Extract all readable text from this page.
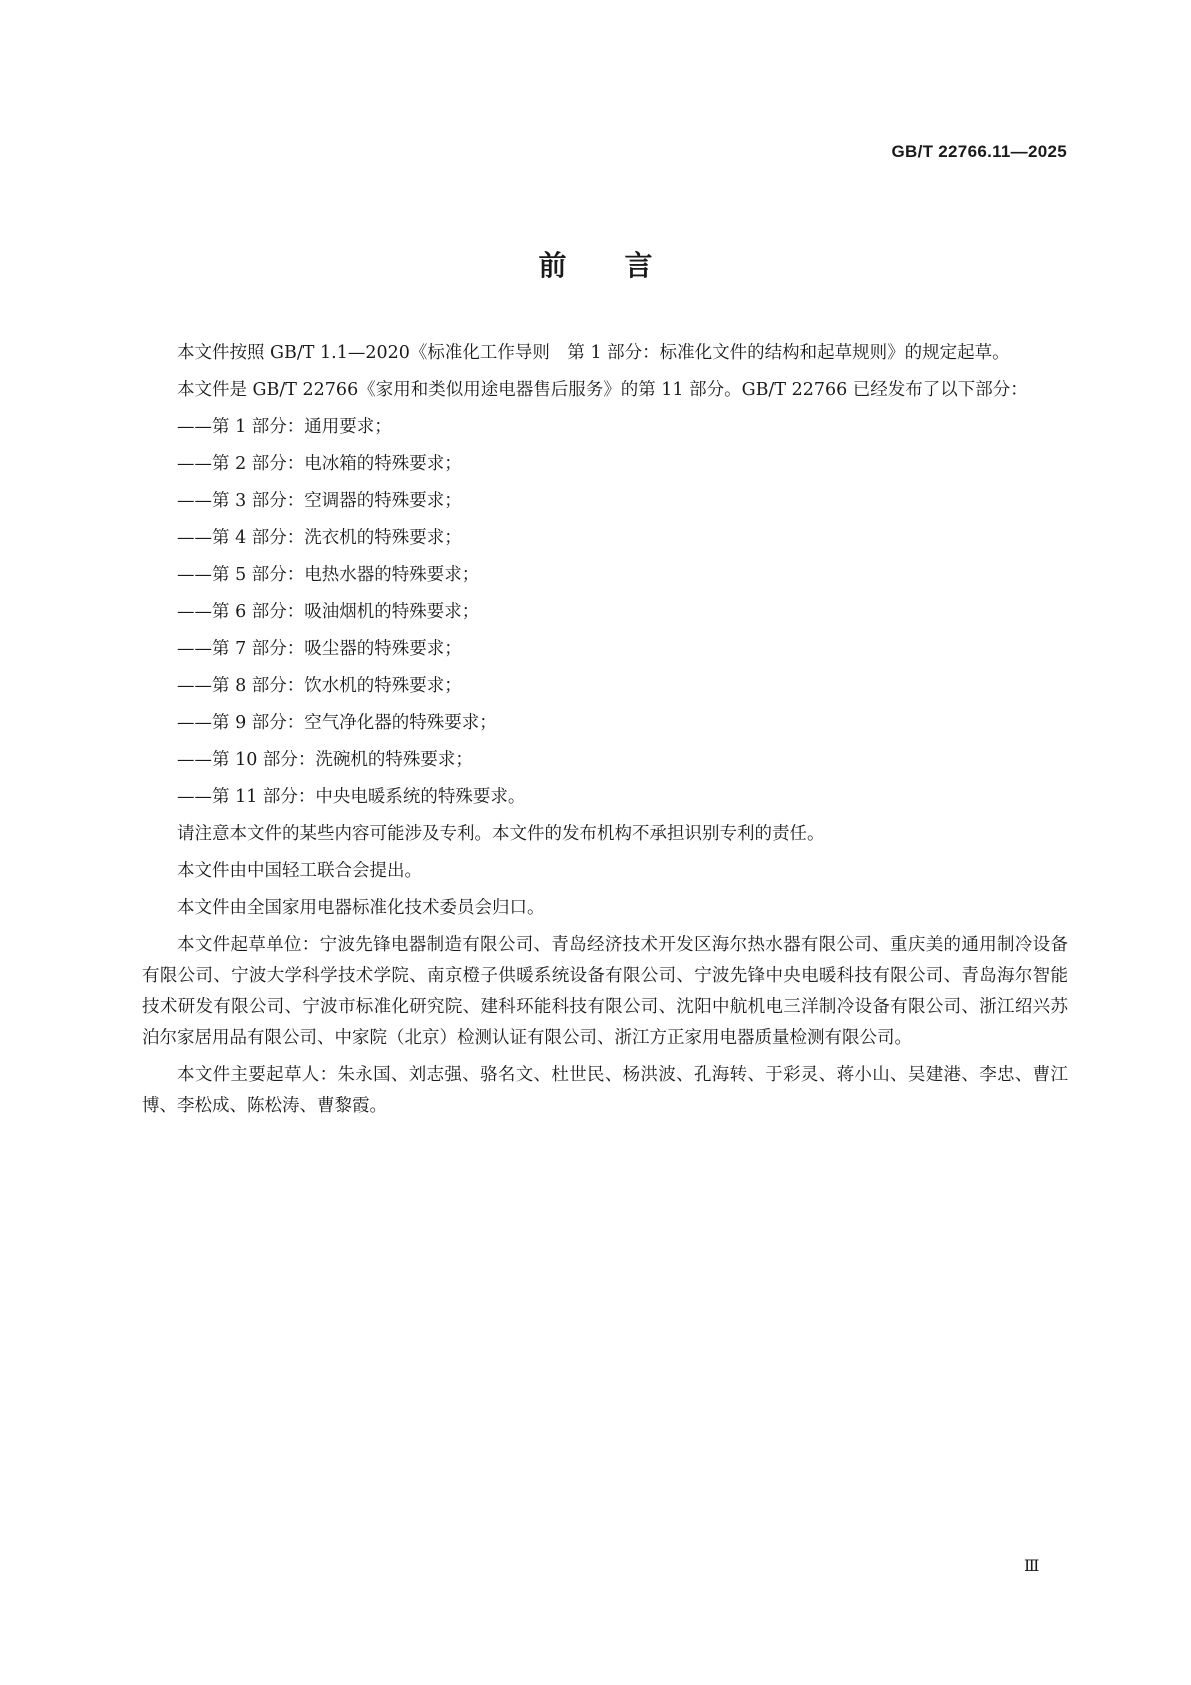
GB/T 22766.11—2025
前言

本文件按照 GB/T 1.1—2020《标准化工作导则　第 1 部分：标准化文件的结构和起草规则》的规定起草。

本文件是 GB/T 22766《家用和类似用途电器售后服务》的第 11 部分。GB/T 22766 已经发布了以下部分：

——第 1 部分：通用要求；

——第 2 部分：电冰箱的特殊要求；

——第 3 部分：空调器的特殊要求；

——第 4 部分：洗衣机的特殊要求；

——第 5 部分：电热水器的特殊要求；

——第 6 部分：吸油烟机的特殊要求；

——第 7 部分：吸尘器的特殊要求；

——第 8 部分：饮水机的特殊要求；

——第 9 部分：空气净化器的特殊要求；

——第 10 部分：洗碗机的特殊要求；

——第 11 部分：中央电暖系统的特殊要求。

请注意本文件的某些内容可能涉及专利。本文件的发布机构不承担识别专利的责任。

本文件由中国轻工联合会提出。

本文件由全国家用电器标准化技术委员会归口。

本文件起草单位：宁波先锋电器制造有限公司、青岛经济技术开发区海尔热水器有限公司、重庆美的通用制冷设备有限公司、宁波大学科学技术学院、南京橙子供暖系统设备有限公司、宁波先锋中央电暖科技有限公司、青岛海尔智能技术研发有限公司、宁波市标准化研究院、建科环能科技有限公司、沈阳中航机电三洋制冷设备有限公司、浙江绍兴苏泊尔家居用品有限公司、中家院（北京）检测认证有限公司、浙江方正家用电器质量检测有限公司。

本文件主要起草人：朱永国、刘志强、骆名文、杜世民、杨洪波、孔海转、于彩灵、蒋小山、吴建港、李忠、曹江博、李松成、陈松涛、曹黎霞。

Ⅲ
